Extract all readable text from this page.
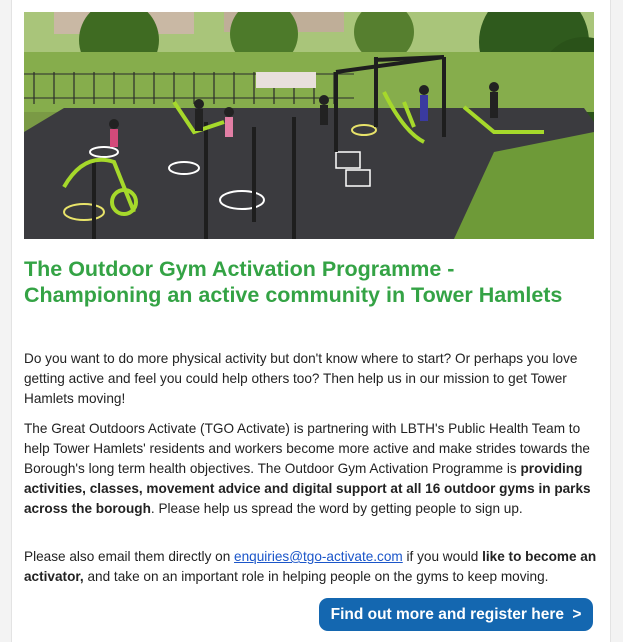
The Outdoor Gym Activation Programme - Championing an active community in Tower Hamlets

Do you want to do more physical activity but don't know where to start? Or perhaps you love getting active and feel you could help others too? Then help us in our mission to get Tower Hamlets moving!

The Great Outdoors Activate (TGO Activate) is partnering with LBTH's Public Health Team to help Tower Hamlets' residents and workers become more active and make strides towards the Borough's long term health objectives. The Outdoor Gym Activation Programme is providing activities, classes, movement advice and digital support at all 16 outdoor gyms in parks across the borough. Please help us spread the word by getting people to sign up.

Please also email them directly on enquiries@tgo-activate.com if you would like to become an activator, and take on an important role in helping people on the gyms to keep moving.

Find out more and register here >
